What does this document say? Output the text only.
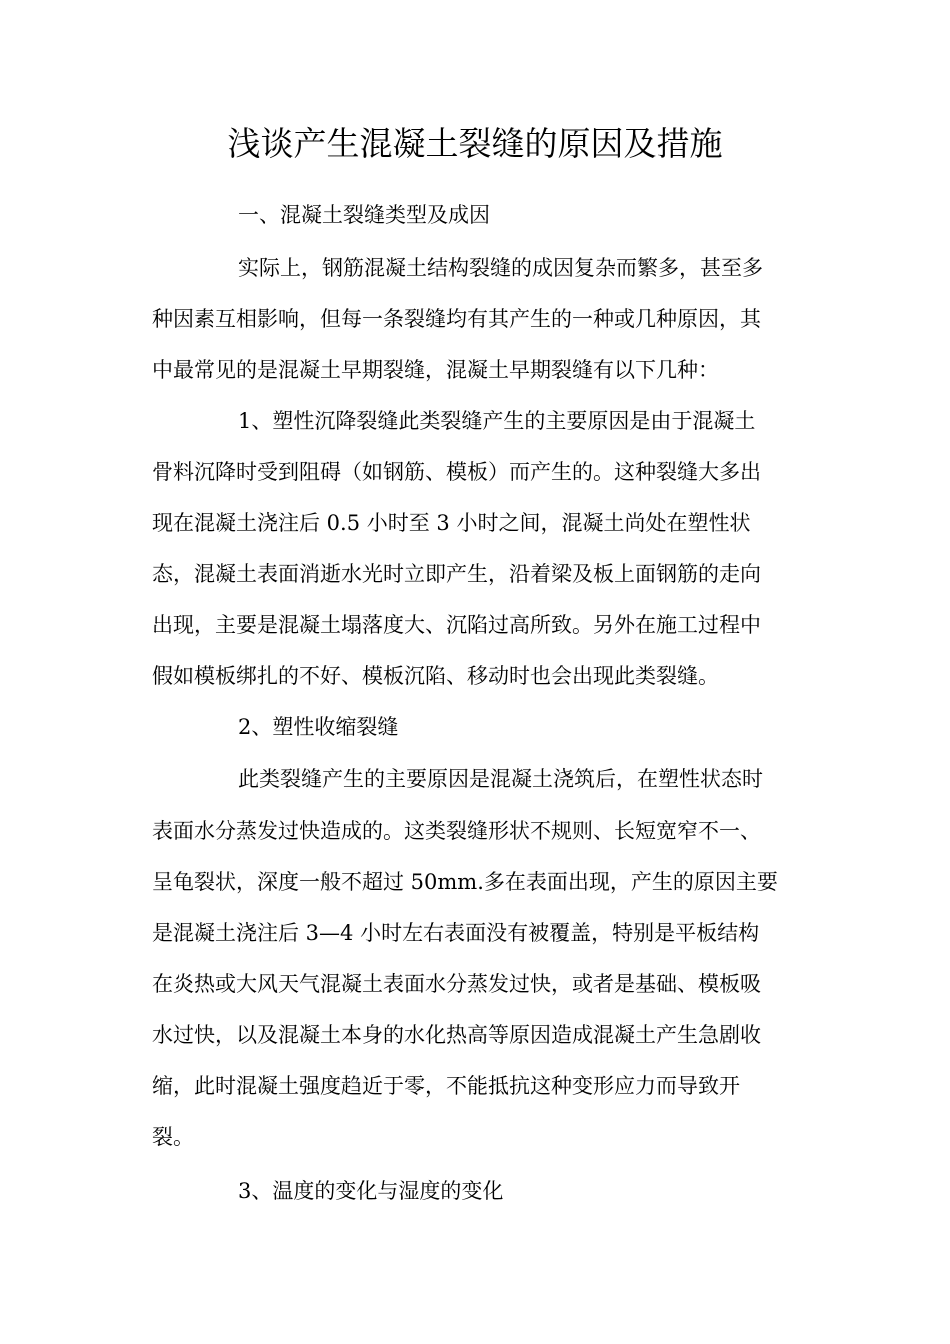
浅谈产生混凝土裂缝的原因及措施
一、混凝土裂缝类型及成因
实际上，钢筋混凝土结构裂缝的成因复杂而繁多，甚至多
种因素互相影响，但每一条裂缝均有其产生的一种或几种原因，其
中最常见的是混凝土早期裂缝，混凝土早期裂缝有以下几种：
1、塑性沉降裂缝此类裂缝产生的主要原因是由于混凝土
骨料沉降时受到阻碍（如钢筋、模板）而产生的。这种裂缝大多出
现在混凝土浇注后 0.5 小时至 3 小时之间，混凝土尚处在塑性状
态，混凝土表面消逝水光时立即产生，沿着梁及板上面钢筋的走向
出现，主要是混凝土塌落度大、沉陷过高所致。另外在施工过程中
假如模板绑扎的不好、模板沉陷、移动时也会出现此类裂缝。
2、塑性收缩裂缝
此类裂缝产生的主要原因是混凝土浇筑后，在塑性状态时
表面水分蒸发过快造成的。这类裂缝形状不规则、长短宽窄不一、
呈龟裂状，深度一般不超过 50mm.多在表面出现，产生的原因主要
是混凝土浇注后 3—4 小时左右表面没有被覆盖，特别是平板结构
在炎热或大风天气混凝土表面水分蒸发过快，或者是基础、模板吸
水过快，以及混凝土本身的水化热高等原因造成混凝土产生急剧收
缩，此时混凝土强度趋近于零，不能抵抗这种变形应力而导致开
裂。
3、温度的变化与湿度的变化
